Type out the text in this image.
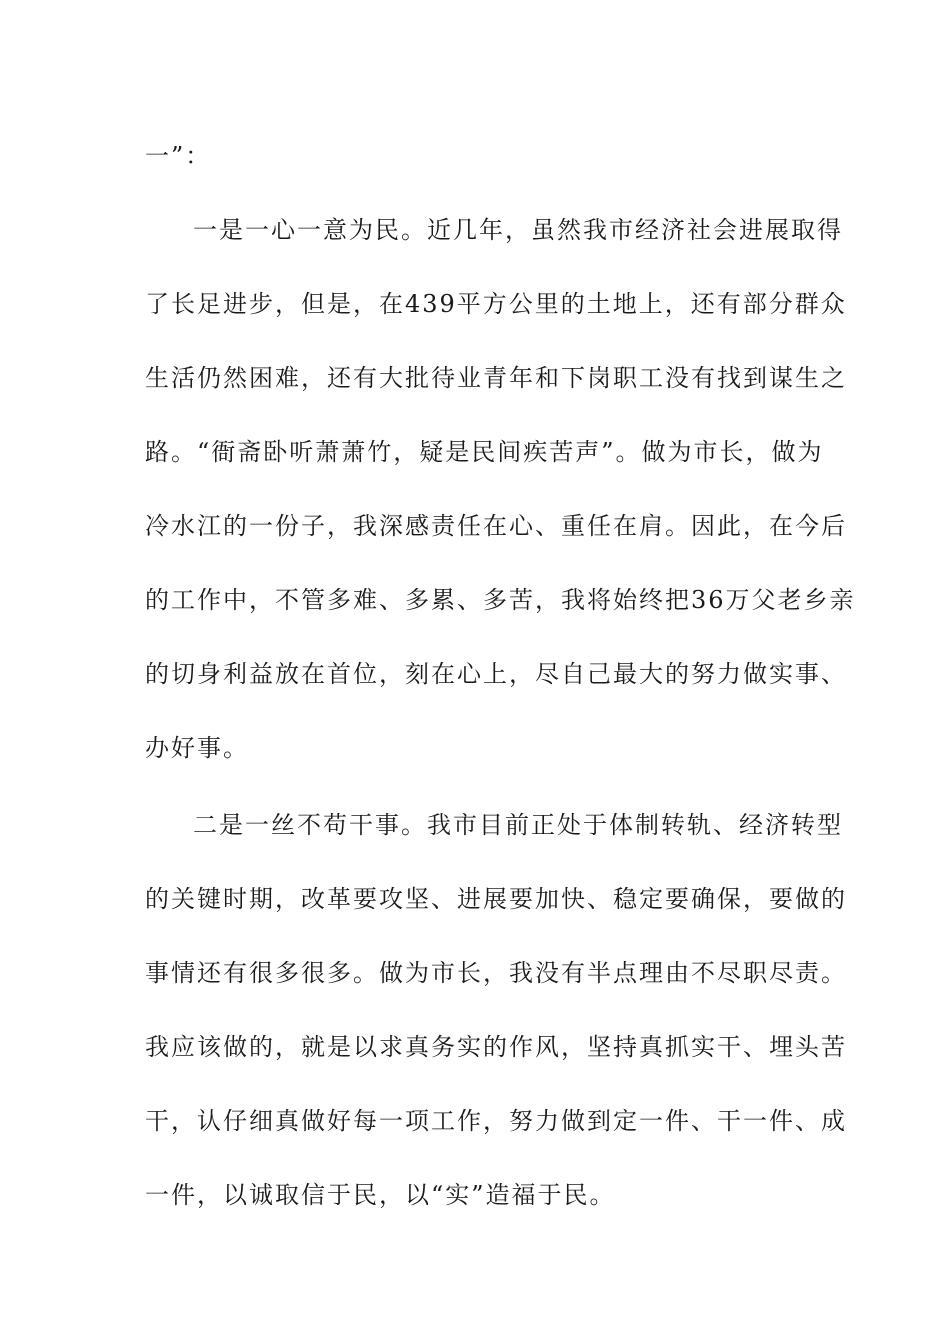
一”：
一是一心一意为民。近几年，虽然我市经济社会进展取得
了长足进步，但是，在439平方公里的土地上，还有部分群众
生活仍然困难，还有大批待业青年和下岗职工没有找到谋生之
路。“衙斋卧听萧萧竹，疑是民间疾苦声”。做为市长，做为
冷水江的一份子，我深感责任在心、重任在肩。因此，在今后
的工作中，不管多难、多累、多苦，我将始终把36万父老乡亲
的切身利益放在首位，刻在心上，尽自己最大的努力做实事、
办好事。
二是一丝不苟干事。我市目前正处于体制转轨、经济转型
的关键时期，改革要攻坚、进展要加快、稳定要确保，要做的
事情还有很多很多。做为市长，我没有半点理由不尽职尽责。
我应该做的，就是以求真务实的作风，坚持真抓实干、埋头苦
干，认仔细真做好每一项工作，努力做到定一件、干一件、成
一件，以诚取信于民，以“实”造福于民。
